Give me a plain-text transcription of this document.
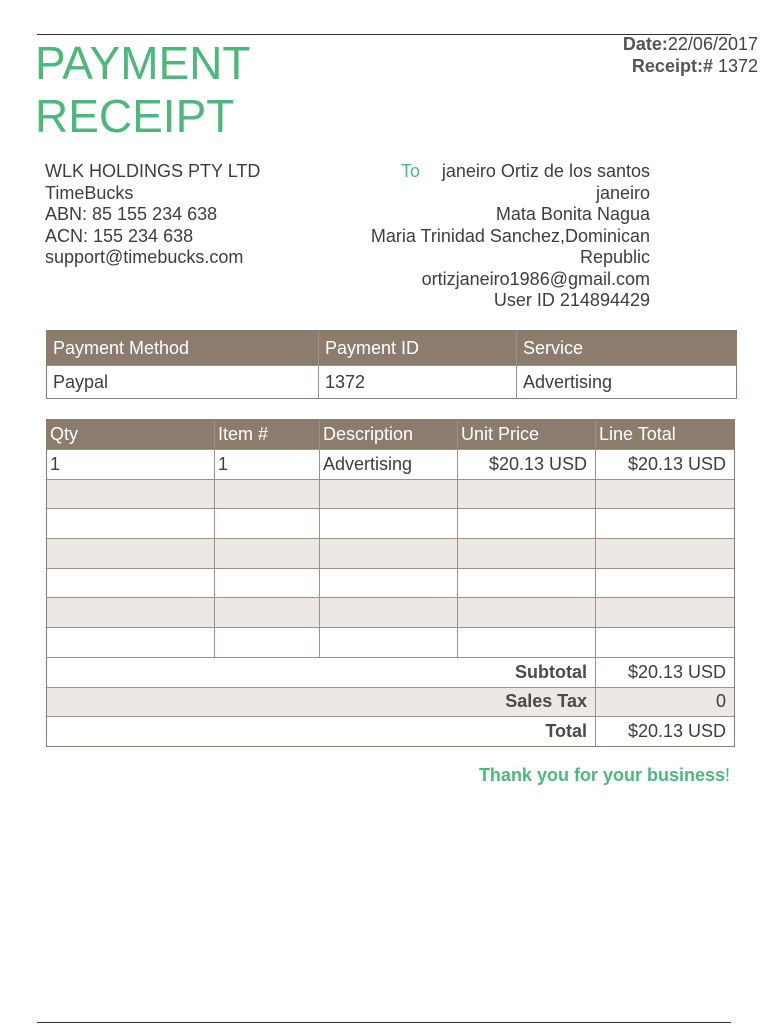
PAYMENT
RECEIPT
Date:22/06/2017
Receipt:# 1372
WLK HOLDINGS PTY LTD
TimeBucks
ABN: 85 155 234 638
ACN: 155 234 638
support@timebucks.com
To	janeiro Ortiz de los santos
janeiro
Mata Bonita Nagua
Maria Trinidad Sanchez,Dominican
Republic
ortizjaneiro1986@gmail.com
User ID 214894429
Payment Method	Payment ID	Service
Paypal	1372	Advertising
Qty	Item #	Description	Unit Price	Line Total
1	1	Advertising	$20.13 USD	$20.13 USD
Subtotal	$20.13 USD
Sales Tax	0
Total	$20.13 USD
Thank you for your business!
